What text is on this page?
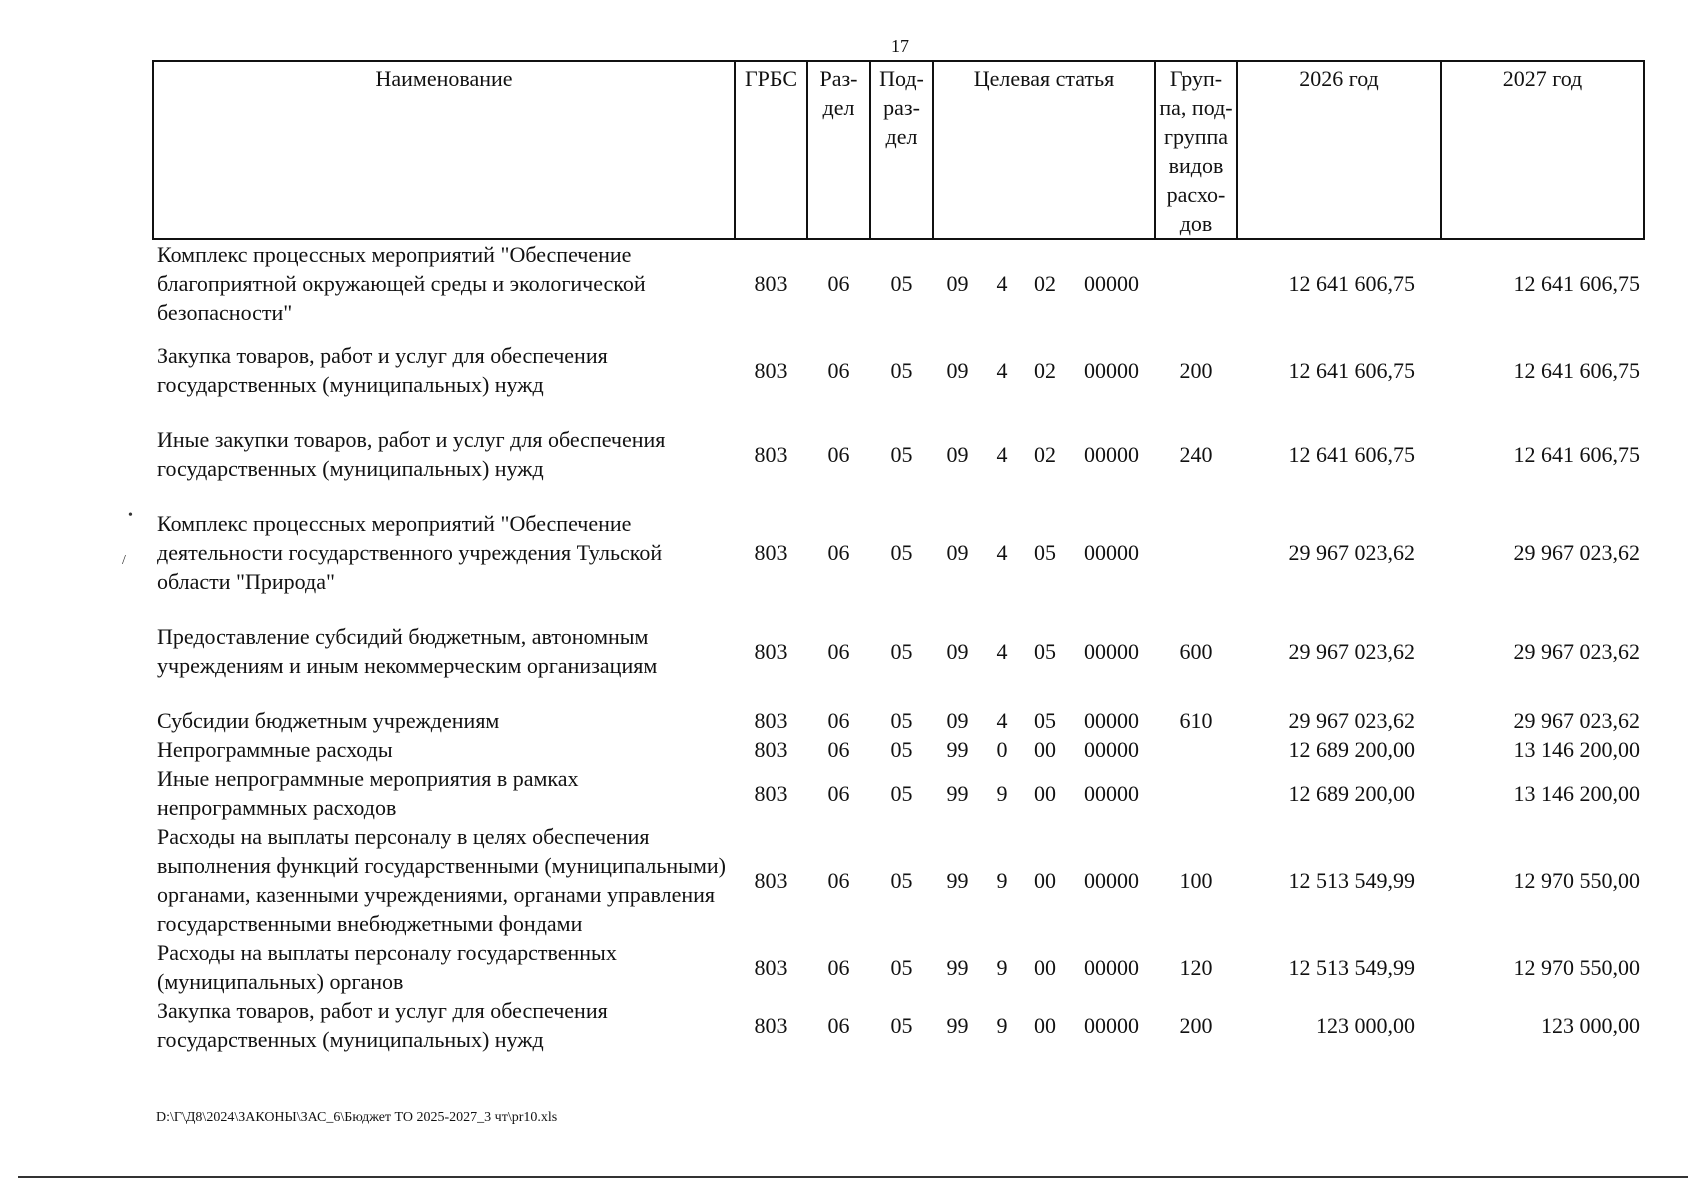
17
Наименование	ГРБС	Раз- дел	Под- раз- дел	Целевая статья				Груп- па, под- группа видов расхо- дов	2026 год	2027 год
Комплекс процессных мероприятий "Обеспечение благоприятной окружающей среды и экологической безопасности"	803	06	05	09	4	02	00000		12 641 606,75	12 641 606,75
Закупка товаров, работ и услуг для обеспечения государственных (муниципальных) нужд	803	06	05	09	4	02	00000	200	12 641 606,75	12 641 606,75
Иные закупки товаров, работ и услуг для обеспечения государственных (муниципальных) нужд	803	06	05	09	4	02	00000	240	12 641 606,75	12 641 606,75
Комплекс процессных мероприятий "Обеспечение деятельности государственного учреждения Тульской области "Природа"	803	06	05	09	4	05	00000		29 967 023,62	29 967 023,62
Предоставление субсидий бюджетным, автономным учреждениям и иным некоммерческим организациям	803	06	05	09	4	05	00000	600	29 967 023,62	29 967 023,62
Субсидии бюджетным учреждениям	803	06	05	09	4	05	00000	610	29 967 023,62	29 967 023,62
Непрограммные расходы	803	06	05	99	0	00	00000		12 689 200,00	13 146 200,00
Иные непрограммные мероприятия в рамках непрограммных расходов	803	06	05	99	9	00	00000		12 689 200,00	13 146 200,00
Расходы на выплаты персоналу в целях обеспечения выполнения функций государственными (муниципальными) органами, казенными учреждениями, органами управления государственными внебюджетными фондами	803	06	05	99	9	00	00000	100	12 513 549,99	12 970 550,00
Расходы на выплаты персоналу государственных (муниципальных) органов	803	06	05	99	9	00	00000	120	12 513 549,99	12 970 550,00
Закупка товаров, работ и услуг для обеспечения государственных (муниципальных) нужд	803	06	05	99	9	00	00000	200	123 000,00	123 000,00
•
/
D:\Г\Д8\2024\ЗАКОНЫ\ЗАС_6\Бюджет ТО 2025-2027_3 чт\pr10.xls
